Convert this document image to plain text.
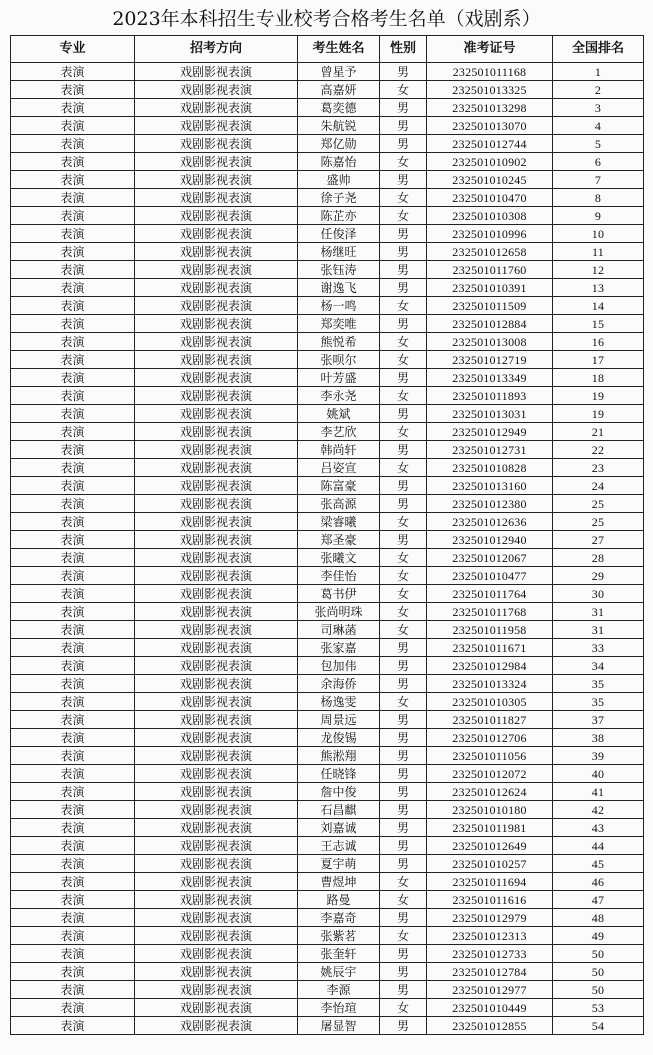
2023年本科招生专业校考合格考生名单（戏剧系）
专业	招考方向	考生姓名	性别	准考证号	全国排名
表演	戏剧影视表演	曾星予	男	232501011168	1
表演	戏剧影视表演	高嘉妍	女	232501013325	2
表演	戏剧影视表演	葛奕德	男	232501013298	3
表演	戏剧影视表演	朱航锐	男	232501013070	4
表演	戏剧影视表演	郑亿勋	男	232501012744	5
表演	戏剧影视表演	陈嘉怡	女	232501010902	6
表演	戏剧影视表演	盛帅	男	232501010245	7
表演	戏剧影视表演	徐子尧	女	232501010470	8
表演	戏剧影视表演	陈芷亦	女	232501010308	9
表演	戏剧影视表演	任俊泽	男	232501010996	10
表演	戏剧影视表演	杨继旺	男	232501012658	11
表演	戏剧影视表演	张钰涛	男	232501011760	12
表演	戏剧影视表演	谢逸飞	男	232501010391	13
表演	戏剧影视表演	杨一鸣	女	232501011509	14
表演	戏剧影视表演	郑奕唯	男	232501012884	15
表演	戏剧影视表演	熊悦希	女	232501013008	16
表演	戏剧影视表演	张呗尔	女	232501012719	17
表演	戏剧影视表演	叶芳盛	男	232501013349	18
表演	戏剧影视表演	李永尧	女	232501011893	19
表演	戏剧影视表演	姚斌	男	232501013031	19
表演	戏剧影视表演	李艺欣	女	232501012949	21
表演	戏剧影视表演	韩尚轩	男	232501012731	22
表演	戏剧影视表演	吕姿宣	女	232501010828	23
表演	戏剧影视表演	陈富豪	男	232501013160	24
表演	戏剧影视表演	张高源	男	232501012380	25
表演	戏剧影视表演	梁睿曦	女	232501012636	25
表演	戏剧影视表演	郑圣豪	男	232501012940	27
表演	戏剧影视表演	张曦文	女	232501012067	28
表演	戏剧影视表演	李佳怡	女	232501010477	29
表演	戏剧影视表演	葛书伊	女	232501011764	30
表演	戏剧影视表演	张尚明珠	女	232501011768	31
表演	戏剧影视表演	司琳菡	女	232501011958	31
表演	戏剧影视表演	张家嘉	男	232501011671	33
表演	戏剧影视表演	包加伟	男	232501012984	34
表演	戏剧影视表演	余海侨	男	232501013324	35
表演	戏剧影视表演	杨逸雯	女	232501010305	35
表演	戏剧影视表演	周景远	男	232501011827	37
表演	戏剧影视表演	龙俊锡	男	232501012706	38
表演	戏剧影视表演	熊淞翔	男	232501011056	39
表演	戏剧影视表演	任晓锋	男	232501012072	40
表演	戏剧影视表演	詹中俊	男	232501012624	41
表演	戏剧影视表演	石昌麒	男	232501010180	42
表演	戏剧影视表演	刘嘉诚	男	232501011981	43
表演	戏剧影视表演	王志诚	男	232501012649	44
表演	戏剧影视表演	夏宇萌	男	232501010257	45
表演	戏剧影视表演	曹煜坤	女	232501011694	46
表演	戏剧影视表演	路曼	女	232501011616	47
表演	戏剧影视表演	李嘉奇	男	232501012979	48
表演	戏剧影视表演	张紫茗	女	232501012313	49
表演	戏剧影视表演	张奎轩	男	232501012733	50
表演	戏剧影视表演	姚辰宇	男	232501012784	50
表演	戏剧影视表演	李源	男	232501012977	50
表演	戏剧影视表演	李怡瑄	女	232501010449	53
表演	戏剧影视表演	屠显智	男	232501012855	54
